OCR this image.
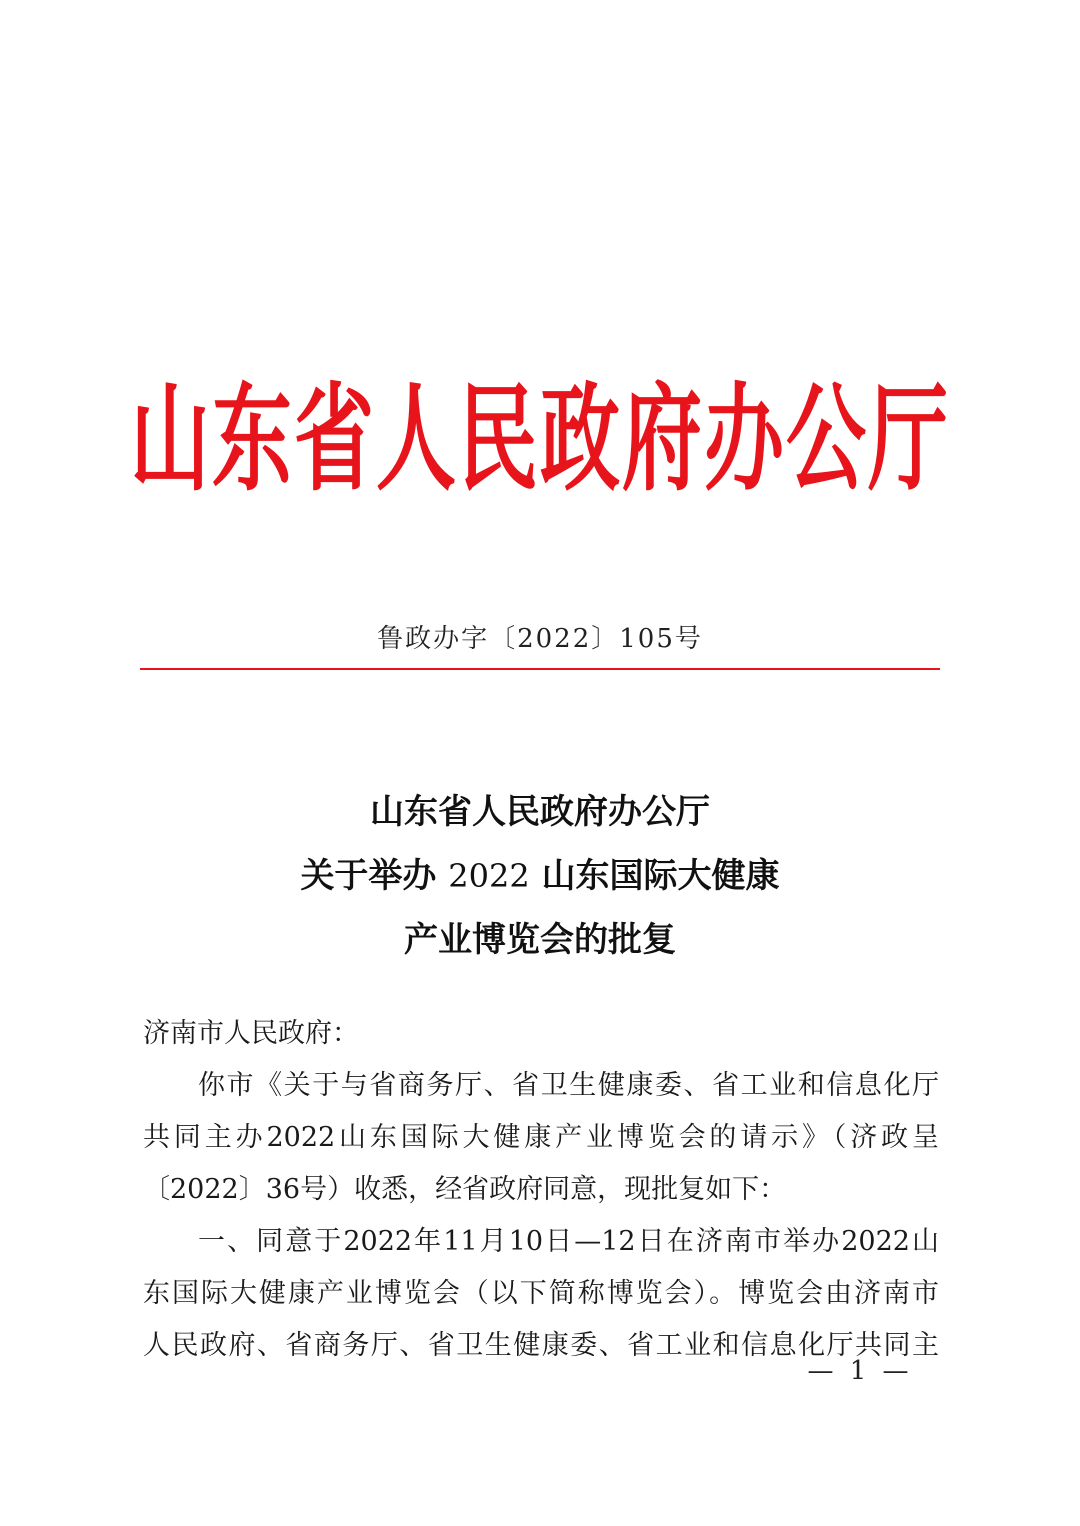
山东省人民政府办公厅
鲁政办字〔2022〕105号
山东省人民政府办公厅
关于举办 2022 山东国际大健康
产业博览会的批复
济南市人民政府：
你市《关于与省商务厅、省卫生健康委、省工业和信息化厅
共同主办2022山东国际大健康产业博览会的请示》（济政呈
〔2022〕36号）收悉，经省政府同意，现批复如下：
一、同意于2022年11月10日—12日在济南市举办2022山
东国际大健康产业博览会（以下简称博览会）。博览会由济南市
人民政府、省商务厅、省卫生健康委、省工业和信息化厅共同主
— 1 —
